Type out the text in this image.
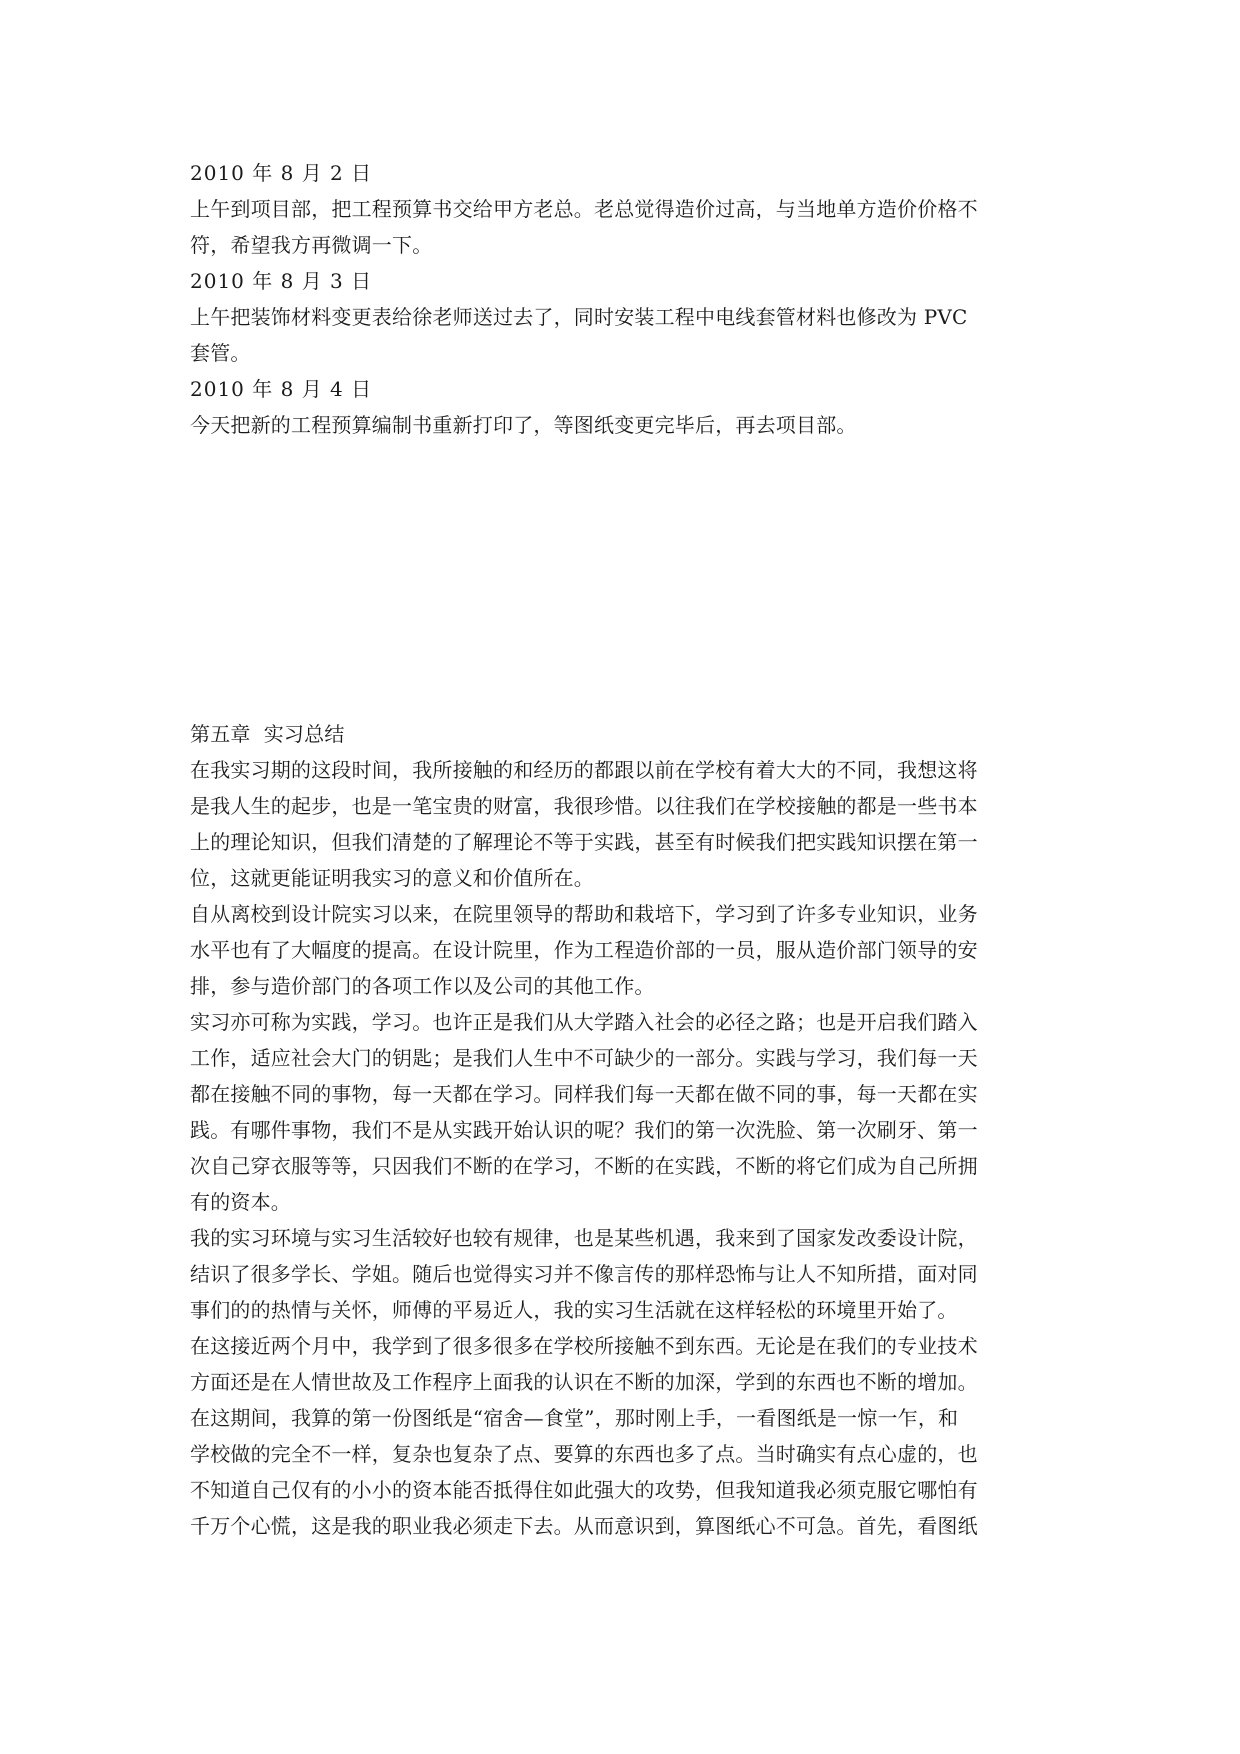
2010 年 8 月 2 日
上午到项目部，把工程预算书交给甲方老总。老总觉得造价过高，与当地单方造价价格不
符，希望我方再微调一下。
2010 年 8 月 3 日
上午把装饰材料变更表给徐老师送过去了，同时安装工程中电线套管材料也修改为 PVC
套管。
2010 年 8 月 4 日
今天把新的工程预算编制书重新打印了，等图纸变更完毕后，再去项目部。
第五章  实习总结
在我实习期的这段时间，我所接触的和经历的都跟以前在学校有着大大的不同，我想这将
是我人生的起步，也是一笔宝贵的财富，我很珍惜。以往我们在学校接触的都是一些书本
上的理论知识，但我们清楚的了解理论不等于实践，甚至有时候我们把实践知识摆在第一
位，这就更能证明我实习的意义和价值所在。
自从离校到设计院实习以来，在院里领导的帮助和栽培下，学习到了许多专业知识，业务
水平也有了大幅度的提高。在设计院里，作为工程造价部的一员，服从造价部门领导的安
排，参与造价部门的各项工作以及公司的其他工作。
实习亦可称为实践，学习。也许正是我们从大学踏入社会的必径之路；也是开启我们踏入
工作，适应社会大门的钥匙；是我们人生中不可缺少的一部分。实践与学习，我们每一天
都在接触不同的事物，每一天都在学习。同样我们每一天都在做不同的事，每一天都在实
践。有哪件事物，我们不是从实践开始认识的呢？我们的第一次洗脸、第一次刷牙、第一
次自己穿衣服等等，只因我们不断的在学习，不断的在实践，不断的将它们成为自己所拥
有的资本。
我的实习环境与实习生活较好也较有规律，也是某些机遇，我来到了国家发改委设计院，
结识了很多学长、学姐。随后也觉得实习并不像言传的那样恐怖与让人不知所措，面对同
事们的的热情与关怀，师傅的平易近人，我的实习生活就在这样轻松的环境里开始了。
在这接近两个月中，我学到了很多很多在学校所接触不到东西。无论是在我们的专业技术
方面还是在人情世故及工作程序上面我的认识在不断的加深，学到的东西也不断的增加。
在这期间，我算的第一份图纸是“宿舍—食堂”，那时刚上手，一看图纸是一惊一乍，和
学校做的完全不一样，复杂也复杂了点、要算的东西也多了点。当时确实有点心虚的，也
不知道自己仅有的小小的资本能否抵得住如此强大的攻势，但我知道我必须克服它哪怕有
千万个心慌，这是我的职业我必须走下去。从而意识到，算图纸心不可急。首先，看图纸
